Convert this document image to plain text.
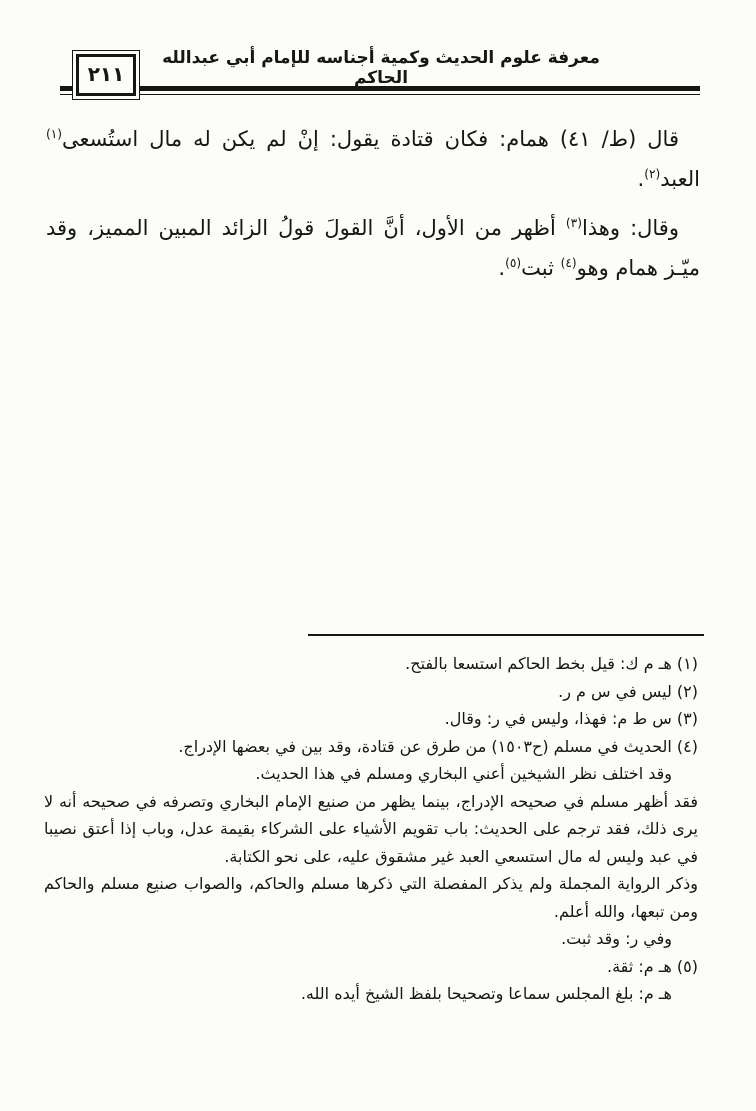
معرفة علوم الحديث وكمية أجناسه للإمام أبي عبدالله الحاكم
٢١١

قال (ط/ ٤١) همام: فكان قتادة يقول: إنْ لم يكن له مال استُسعى$^{(١)}$ العبد$^{(٢)}$.

وقال: وهذا$^{(٣)}$ أظهر من الأول، أنَّ القولَ قولُ الزائد المبين المميز، وقد ميّـز همام وهو$^{(٤)}$ ثبت$^{(٥)}$.

(١) هـ م ك: قيل بخط الحاكم استسعا بالفتح.

(٢) ليس في س م ر.

(٣) س ط م: فهذا، وليس في ر: وقال.

(٤) الحديث في مسلم (ح١٥٠٣) من طرق عن قتادة، وقد بين في بعضها الإدراج.

وقد اختلف نظر الشيخين أعني البخاري ومسلم في هذا الحديث.

فقد أظهر مسلم في صحيحه الإدراج، بينما يظهر من صنيع الإمام البخاري وتصرفه في صحيحه أنه لا يرى ذلك، فقد ترجم على الحديث: باب تقويم الأشياء على الشركاء بقيمة عدل، وباب إذا أعتق نصيبا في عبد وليس له مال استسعي العبد غير مشقوق عليه، على نحو الكتابة.

وذكر الرواية المجملة ولم يذكر المفصلة التي ذكرها مسلم والحاكم، والصواب صنيع مسلم والحاكم ومن تبعها، والله أعلم.

وفي ر: وقد ثبت.

(٥) هـ م: ثقة.

هـ م: بلغ المجلس سماعا وتصحيحا بلفظ الشيخ أيده الله.
